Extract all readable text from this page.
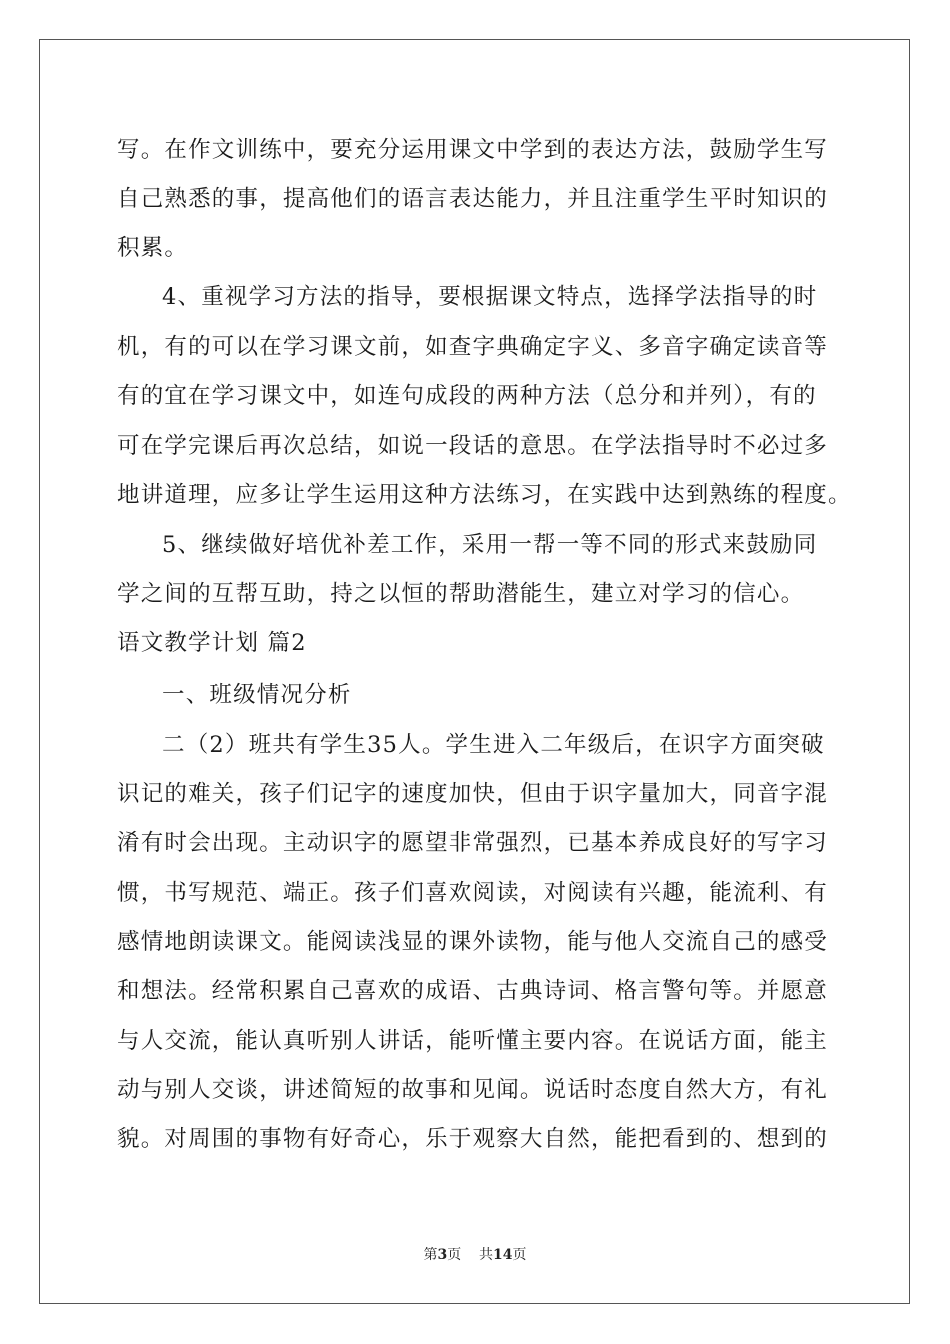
写。在作文训练中，要充分运用课文中学到的表达方法，鼓励学生写
自己熟悉的事，提高他们的语言表达能力，并且注重学生平时知识的
积累。
4、重视学习方法的指导，要根据课文特点，选择学法指导的时
机，有的可以在学习课文前，如查字典确定字义、多音字确定读音等
有的宜在学习课文中，如连句成段的两种方法（总分和并列），有的
可在学完课后再次总结，如说一段话的意思。在学法指导时不必过多
地讲道理，应多让学生运用这种方法练习，在实践中达到熟练的程度。
5、继续做好培优补差工作，采用一帮一等不同的形式来鼓励同
学之间的互帮互助，持之以恒的帮助潜能生，建立对学习的信心。
语文教学计划 篇2
一、班级情况分析
二（2）班共有学生35人。学生进入二年级后，在识字方面突破
识记的难关，孩子们记字的速度加快，但由于识字量加大，同音字混
淆有时会出现。主动识字的愿望非常强烈，已基本养成良好的写字习
惯，书写规范、端正。孩子们喜欢阅读，对阅读有兴趣，能流利、有
感情地朗读课文。能阅读浅显的课外读物，能与他人交流自己的感受
和想法。经常积累自己喜欢的成语、古典诗词、格言警句等。并愿意
与人交流，能认真听别人讲话，能听懂主要内容。在说话方面，能主
动与别人交谈，讲述简短的故事和见闻。说话时态度自然大方，有礼
貌。对周围的事物有好奇心，乐于观察大自然，能把看到的、想到的
第3页 共14页
